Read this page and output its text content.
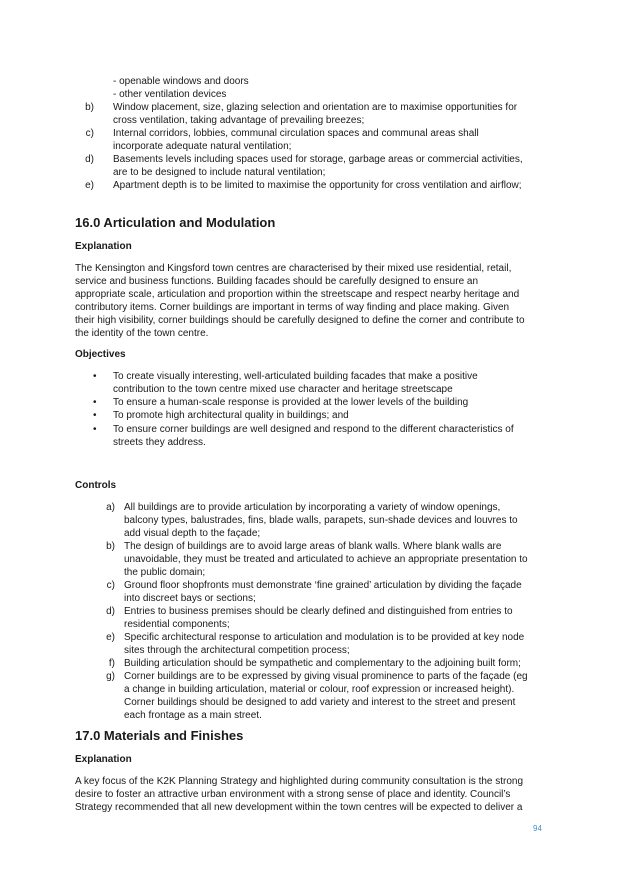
- openable windows and doors
- other ventilation devices
b) Window placement, size, glazing selection and orientation are to maximise opportunities for
cross ventilation, taking advantage of prevailing breezes;
c) Internal corridors, lobbies, communal circulation spaces and communal areas shall
incorporate adequate natural ventilation;
d) Basements levels including spaces used for storage, garbage areas or commercial activities,
are to be designed to include natural ventilation;
e) Apartment depth is to be limited to maximise the opportunity for cross ventilation and airflow;
16.0 Articulation and Modulation
Explanation
The Kensington and Kingsford town centres are characterised by their mixed use residential, retail,
service and business functions. Building facades should be carefully designed to ensure an
appropriate scale, articulation and proportion within the streetscape and respect nearby heritage and
contributory items. Corner buildings are important in terms of way finding and place making. Given
their high visibility, corner buildings should be carefully designed to define the corner and contribute to
the identity of the town centre.
Objectives
• To create visually interesting, well-articulated building facades that make a positive
contribution to the town centre mixed use character and heritage streetscape
• To ensure a human-scale response is provided at the lower levels of the building
• To promote high architectural quality in buildings; and
• To ensure corner buildings are well designed and respond to the different characteristics of
streets they address.
Controls
a) All buildings are to provide articulation by incorporating a variety of window openings,
balcony types, balustrades, fins, blade walls, parapets, sun-shade devices and louvres to
add visual depth to the façade;
b) The design of buildings are to avoid large areas of blank walls. Where blank walls are
unavoidable, they must be treated and articulated to achieve an appropriate presentation to
the public domain;
c) Ground floor shopfronts must demonstrate ‘fine grained’ articulation by dividing the façade
into discreet bays or sections;
d) Entries to business premises should be clearly defined and distinguished from entries to
residential components;
e) Specific architectural response to articulation and modulation is to be provided at key node
sites through the architectural competition process;
f) Building articulation should be sympathetic and complementary to the adjoining built form;
g) Corner buildings are to be expressed by giving visual prominence to parts of the façade (eg
a change in building articulation, material or colour, roof expression or increased height).
Corner buildings should be designed to add variety and interest to the street and present
each frontage as a main street.
17.0 Materials and Finishes
Explanation
A key focus of the K2K Planning Strategy and highlighted during community consultation is the strong
desire to foster an attractive urban environment with a strong sense of place and identity. Council’s
Strategy recommended that all new development within the town centres will be expected to deliver a
94
